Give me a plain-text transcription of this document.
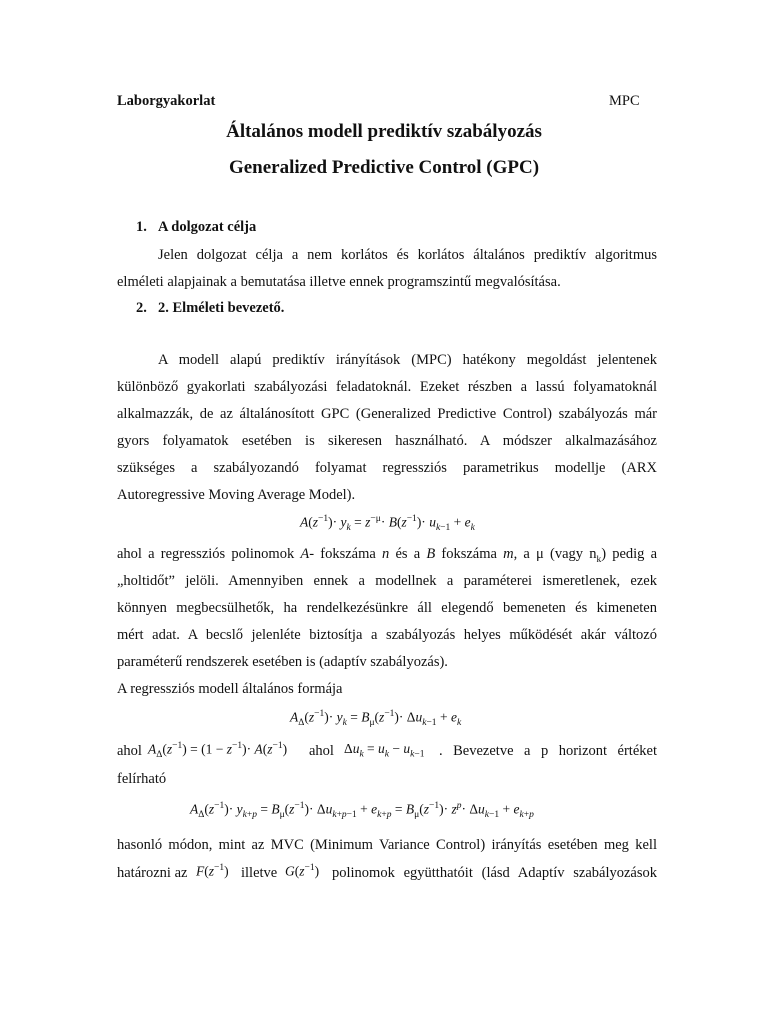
Laborgyakorlat	MPC
Általános modell prediktív szabályozás
Generalized Predictive Control (GPC)
1. A dolgozat célja
Jelen dolgozat célja a nem korlátos és korlátos általános prediktív algoritmus
elméleti alapjainak a bemutatása illetve ennek programszintű megvalósítása.
2. 2. Elméleti bevezető.
A modell alapú prediktív irányítások (MPC) hatékony megoldást jelentenek
különböző gyakorlati szabályozási feladatoknál. Ezeket részben a lassú folyamatoknál
alkalmazzák, de az általánosított GPC (Generalized Predictive Control) szabályozás már
gyors folyamatok esetében is sikeresen használható. A módszer alkalmazásához
szükséges a szabályozandó folyamat regressziós parametrikus modellje (ARX
Autoregressive Moving Average Model).
$A(z^{-1})\cdot y_k = z^{-\mu}\cdot B(z^{-1})\cdot u_{k-1} + e_k$
ahol a regressziós polinomok A- fokszáma n és a B fokszáma m, a μ (vagy $n_k$) pedig a
„holtidőt” jelöli. Amennyiben ennek a modellnek a paraméterei ismeretlenek, ezek
könnyen megbecsülhetők, ha rendelkezésünkre áll elegendő bemeneten és kimeneten
mért adat. A becslő jelenléte biztosítja a szabályozás helyes működését akár változó
paraméterű rendszerek esetében is (adaptív szabályozás).
A regressziós modell általános formája
$A_\Delta(z^{-1})\cdot y_k = B_\mu(z^{-1})\cdot \Delta u_{k-1} + e_k$
ahol $A_\Delta(z^{-1}) = (1 - z^{-1})\cdot A(z^{-1})$ ahol $\Delta u_k = u_k - u_{k-1}$ . Bevezetve a p horizont értéket
felírható
$A_\Delta(z^{-1})\cdot y_{k+p} = B_\mu(z^{-1})\cdot \Delta u_{k+p-1} + e_{k+p} = B_\mu(z^{-1})\cdot z^p\cdot \Delta u_{k-1} + e_{k+p}$
hasonló módon, mint az MVC (Minimum Variance Control) irányítás esetében meg kell
határozni az $F(z^{-1})$ illetve $G(z^{-1})$ polinomok együtthatóit (lásd Adaptív szabályozások
